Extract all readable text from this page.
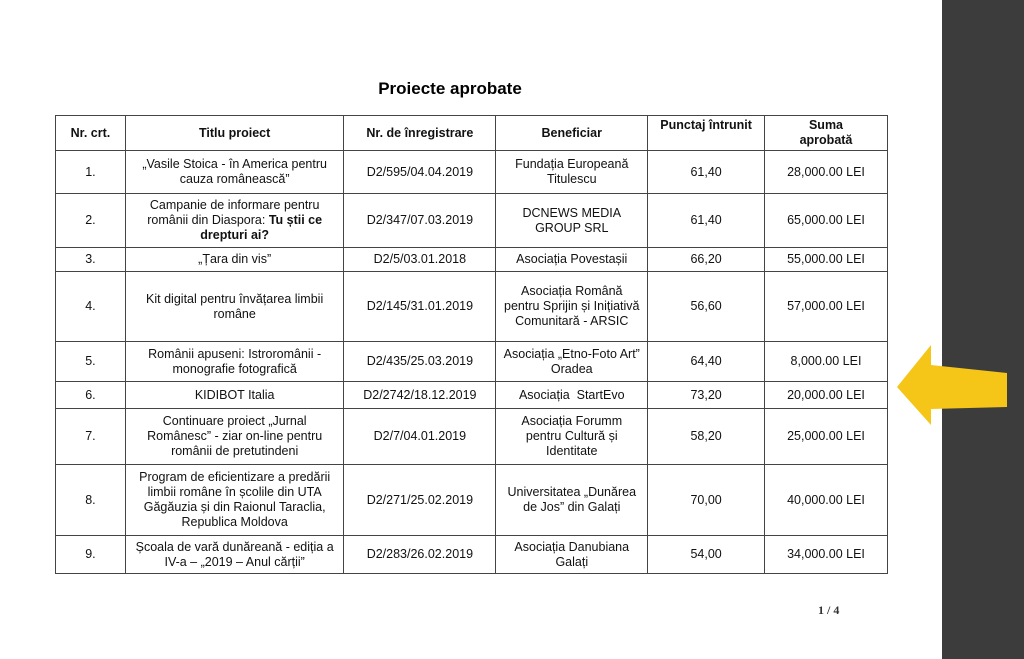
Proiecte aprobate
Nr. crt.	Titlu proiect	Nr. de înregistrare	Beneficiar	Punctaj întrunit	Suma aprobată
1.	„Vasile Stoica - în America pentru cauza românească”	D2/595/04.04.2019	Fundația Europeană Titulescu	61,40	28,000.00 LEI
2.	Campanie de informare pentru românii din Diaspora: Tu știi ce drepturi ai?	D2/347/07.03.2019	DCNEWS MEDIA GROUP SRL	61,40	65,000.00 LEI
3.	„Țara din vis”	D2/5/03.01.2018	Asociația Povestașii	66,20	55,000.00 LEI
4.	Kit digital pentru învățarea limbii române	D2/145/31.01.2019	Asociația Română pentru Sprijin și Inițiativă Comunitară - ARSIC	56,60	57,000.00 LEI
5.	Românii apuseni: Istroromânii - monografie fotografică	D2/435/25.03.2019	Asociația „Etno-Foto Art” Oradea	64,40	8,000.00 LEI
6.	KIDIBOT Italia	D2/2742/18.12.2019	Asociația  StartEvo	73,20	20,000.00 LEI
7.	Continuare proiect „Jurnal Românesc” - ziar on-line pentru românii de pretutindeni	D2/7/04.01.2019	Asociația Forumm pentru Cultură și Identitate	58,20	25,000.00 LEI
8.	Program de eficientizare a predării limbii române în școlile din UTA Găgăuzia și din Raionul Taraclia, Republica Moldova	D2/271/25.02.2019	Universitatea „Dunărea de Jos” din Galați	70,00	40,000.00 LEI
9.	Școala de vară dunăreană - ediția a IV-a – „2019 – Anul cărții”	D2/283/26.02.2019	Asociația Danubiana Galați	54,00	34,000.00 LEI
1 / 4
